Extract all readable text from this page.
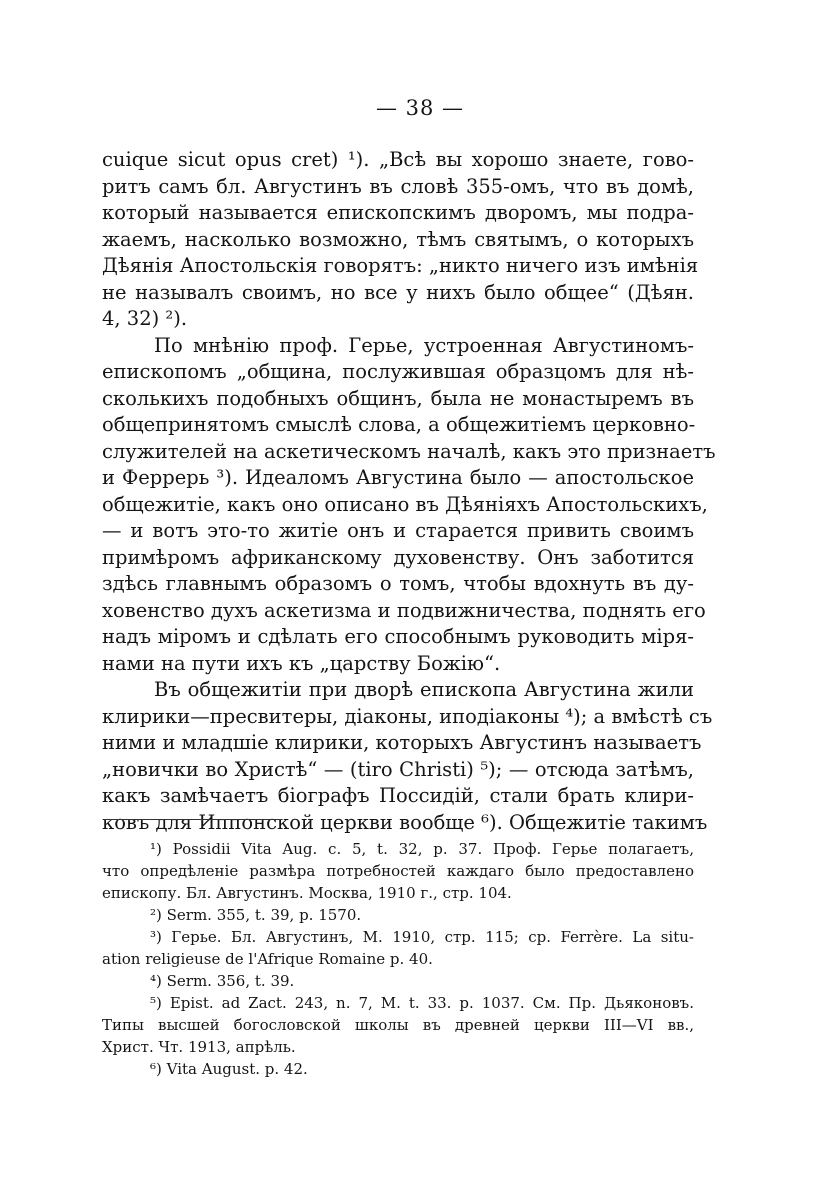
— 38 —
cuique sicut opus cret) ¹). „Всѣ вы хорошо знаете, гово-
ритъ самъ бл. Августинъ въ словѣ 355-омъ, что въ домѣ,
который называется епископскимъ дворомъ, мы подра-
жаемъ, насколько возможно, тѣмъ святымъ, о которыхъ
Дѣянія Апостольскія говорятъ: „никто ничего изъ имѣнія
не называлъ своимъ, но все у нихъ было общее“ (Дѣян.
4, 32) ²).
По мнѣнію проф. Герье, устроенная Августиномъ-
епископомъ „община, послужившая образцомъ для нѣ-
сколькихъ подобныхъ общинъ, была не монастыремъ въ
общепринятомъ смыслѣ слова, а общежитіемъ церковно-
служителей на аскетическомъ началѣ, какъ это признаетъ
и Феррерь ³). Идеаломъ Августина было — апостольское
общежитіе, какъ оно описано въ Дѣяніяхъ Апостольскихъ,
— и вотъ это-то житіе онъ и старается привить своимъ
примѣромъ африканскому духовенству. Онъ заботится
здѣсь главнымъ образомъ о томъ, чтобы вдохнуть въ ду-
ховенство духъ аскетизма и подвижничества, поднять его
надъ міромъ и сдѣлать его способнымъ руководить міря-
нами на пути ихъ къ „царству Божію“.
Въ общежитіи при дворѣ епископа Августина жили
клирики—пресвитеры, діаконы, иподіаконы ⁴); а вмѣстѣ съ
ними и младшіе клирики, которыхъ Августинъ называетъ
„новички во Христѣ“ — (tiro Christi) ⁵); — отсюда затѣмъ,
какъ замѣчаетъ біографъ Поссидій, стали брать клири-
ковъ для Иппонской церкви вообще ⁶). Общежитіе такимъ
¹) Possidii Vita Aug. c. 5, t. 32, p. 37. Проф. Герье полагаетъ,
что опредѣленіе размѣра потребностей каждаго было предоставлено
епископу. Бл. Августинъ. Москва, 1910 г., стр. 104.
²) Serm. 355, t. 39, p. 1570.
³) Герье. Бл. Августинъ, М. 1910, стр. 115; cp. Ferrère. La situ-
ation religieuse de l'Afrique Romaine p. 40.
⁴) Serm. 356, t. 39.
⁵) Epist. ad Zact. 243, n. 7, M. t. 33. p. 1037. См. Пр. Дьяконовъ.
Типы высшей богословской школы въ древней церкви III—VI вв.,
Христ. Чт. 1913, апрѣль.
⁶) Vita August. p. 42.
